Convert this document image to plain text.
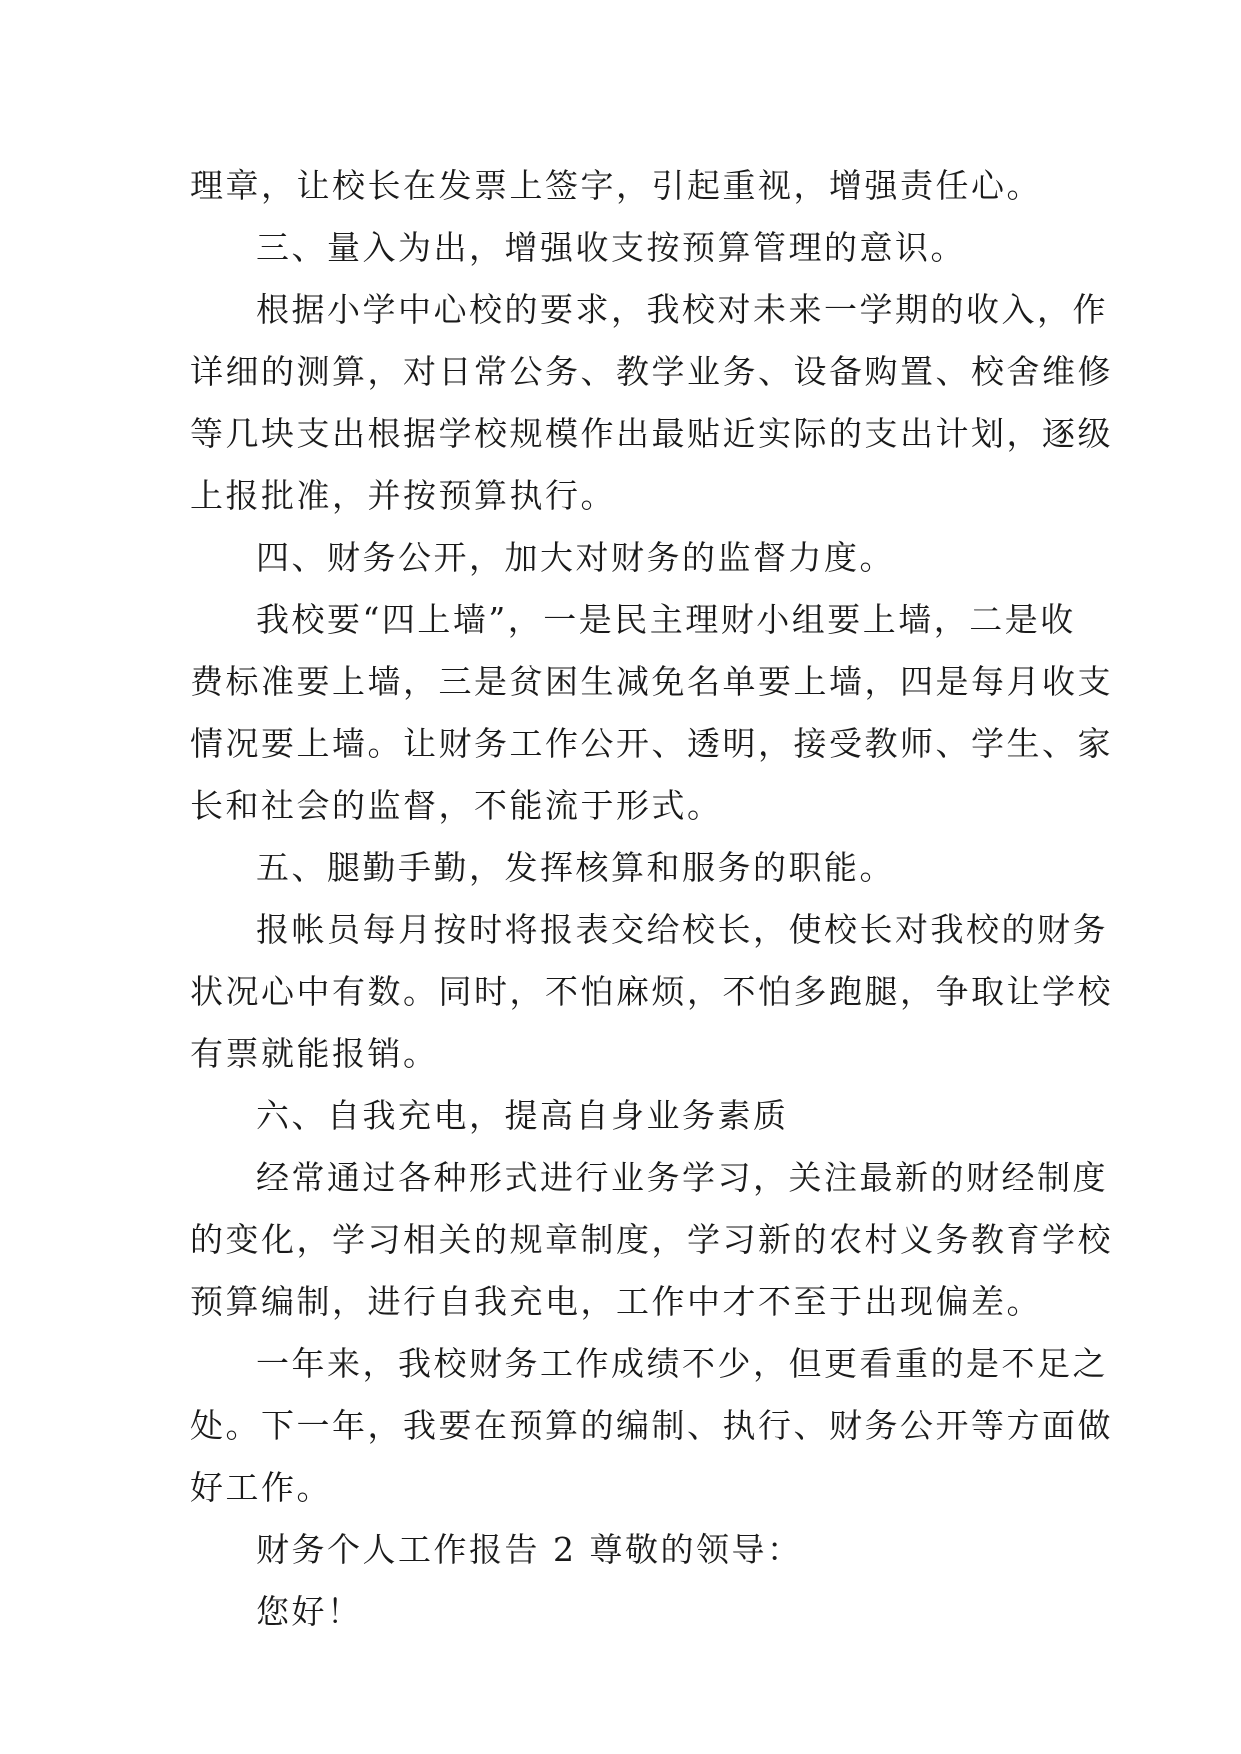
理章，让校长在发票上签字，引起重视，增强责任心。
三、量入为出，增强收支按预算管理的意识。
根据小学中心校的要求，我校对未来一学期的收入，作
详细的测算，对日常公务、教学业务、设备购置、校舍维修
等几块支出根据学校规模作出最贴近实际的支出计划，逐级
上报批准，并按预算执行。
四、财务公开，加大对财务的监督力度。
我校要“四上墙”，一是民主理财小组要上墙，二是收
费标准要上墙，三是贫困生减免名单要上墙，四是每月收支
情况要上墙。让财务工作公开、透明，接受教师、学生、家
长和社会的监督，不能流于形式。
五、腿勤手勤，发挥核算和服务的职能。
报帐员每月按时将报表交给校长，使校长对我校的财务
状况心中有数。同时，不怕麻烦，不怕多跑腿，争取让学校
有票就能报销。
六、自我充电，提高自身业务素质
经常通过各种形式进行业务学习，关注最新的财经制度
的变化，学习相关的规章制度，学习新的农村义务教育学校
预算编制，进行自我充电，工作中才不至于出现偏差。
一年来，我校财务工作成绩不少，但更看重的是不足之
处。下一年，我要在预算的编制、执行、财务公开等方面做
好工作。
财务个人工作报告 2 尊敬的领导：
您好！
